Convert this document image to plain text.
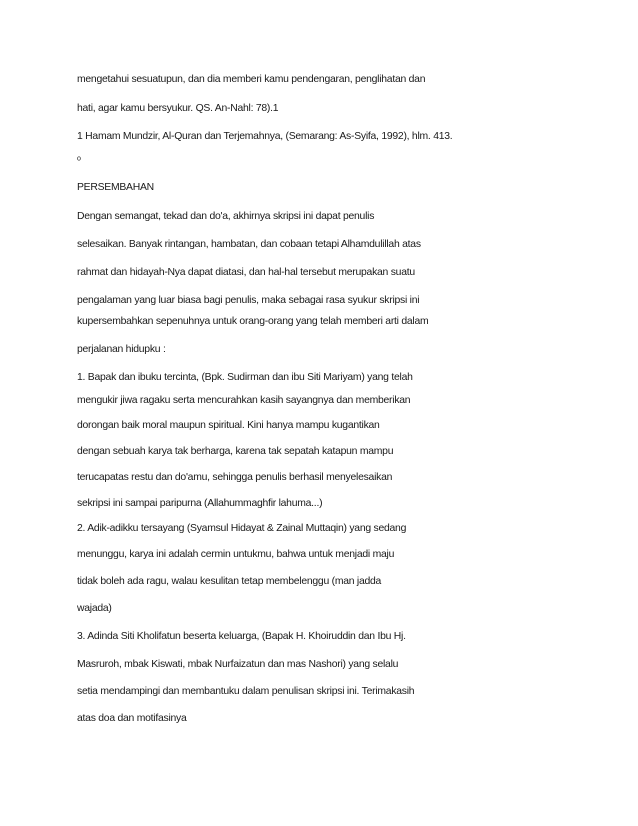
mengetahui sesuatupun, dan dia memberi kamu pendengaran, penglihatan dan
hati, agar kamu bersyukur. QS. An-Nahl: 78).1
1 Hamam Mundzir, Al-Quran dan Terjemahnya, (Semarang: As-Syifa, 1992), hlm. 413.
ᵒ
PERSEMBAHAN
Dengan semangat, tekad dan do'a, akhirnya skripsi ini dapat penulis
selesaikan. Banyak rintangan, hambatan, dan cobaan tetapi Alhamdulillah atas
rahmat dan hidayah-Nya dapat diatasi, dan hal-hal tersebut merupakan suatu
pengalaman yang luar biasa bagi penulis, maka sebagai rasa syukur skripsi ini
kupersembahkan sepenuhnya untuk orang-orang yang telah memberi arti dalam
perjalanan hidupku :
1. Bapak dan ibuku tercinta, (Bpk. Sudirman dan ibu Siti Mariyam) yang telah
mengukir jiwa ragaku serta mencurahkan kasih sayangnya dan memberikan
dorongan baik moral maupun spiritual. Kini hanya mampu kugantikan
dengan sebuah karya tak berharga, karena tak sepatah katapun mampu
terucapatas restu dan do'amu, sehingga penulis berhasil menyelesaikan
sekripsi ini sampai paripurna (Allahummaghfir lahuma...)
2. Adik-adikku tersayang (Syamsul Hidayat & Zainal Muttaqin) yang sedang
menunggu, karya ini adalah cermin untukmu, bahwa untuk menjadi maju
tidak boleh ada ragu, walau kesulitan tetap membelenggu (man jadda
wajada)
3. Adinda Siti Kholifatun beserta keluarga, (Bapak H. Khoiruddin dan Ibu Hj.
Masruroh, mbak Kiswati, mbak Nurfaizatun dan mas Nashori) yang selalu
setia mendampingi dan membantuku dalam penulisan skripsi ini. Terimakasih
atas doa dan motifasinya
